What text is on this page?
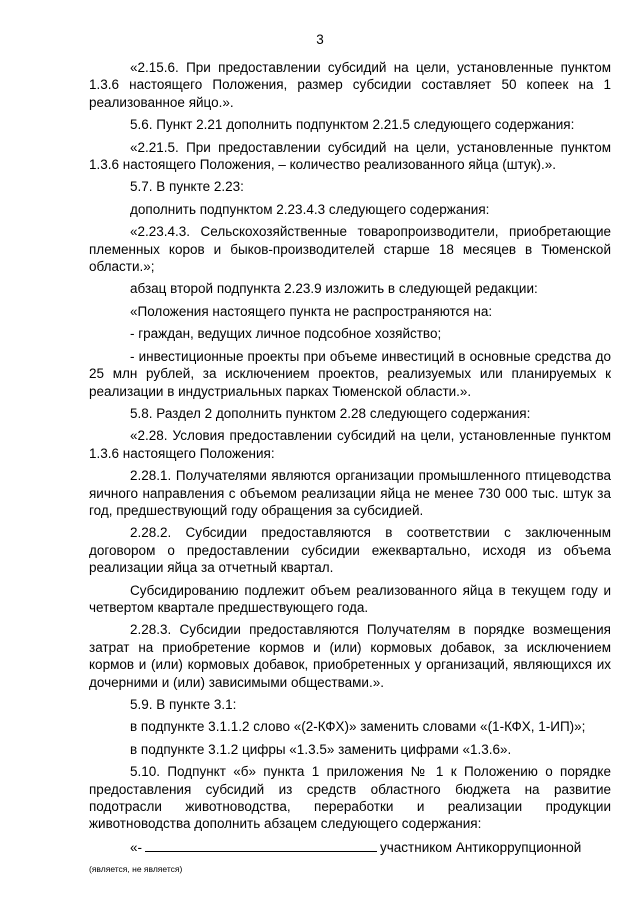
3

«2.15.6. При предоставлении субсидий на цели, установленные пунктом 1.3.6 настоящего Положения, размер субсидии составляет 50 копеек на 1 реализованное яйцо.».

5.6. Пункт 2.21 дополнить подпунктом 2.21.5 следующего содержания:

«2.21.5. При предоставлении субсидий на цели, установленные пунктом 1.3.6 настоящего Положения, – количество реализованного яйца (штук).».

5.7. В пункте 2.23:

дополнить подпунктом 2.23.4.3 следующего содержания:

«2.23.4.3. Сельскохозяйственные товаропроизводители, приобретающие племенных коров и быков-производителей старше 18 месяцев в Тюменской области.»;

абзац второй подпункта 2.23.9 изложить в следующей редакции:

«Положения настоящего пункта не распространяются на:

- граждан, ведущих личное подсобное хозяйство;

- инвестиционные проекты при объеме инвестиций в основные средства до 25 млн рублей, за исключением проектов, реализуемых или планируемых к реализации в индустриальных парках Тюменской области.».

5.8. Раздел 2 дополнить пунктом 2.28 следующего содержания:

«2.28. Условия предоставлении субсидий на цели, установленные пунктом 1.3.6 настоящего Положения:

2.28.1. Получателями являются организации промышленного птицеводства яичного направления с объемом реализации яйца не менее 730 000 тыс. штук за год, предшествующий году обращения за субсидией.

2.28.2. Субсидии предоставляются в соответствии с заключенным договором о предоставлении субсидии ежеквартально, исходя из объема реализации яйца за отчетный квартал.

Субсидированию подлежит объем реализованного яйца в текущем году и четвертом квартале предшествующего года.

2.28.3. Субсидии предоставляются Получателям в порядке возмещения затрат на приобретение кормов и (или) кормовых добавок, за исключением кормов и (или) кормовых добавок, приобретенных у организаций, являющихся их дочерними и (или) зависимыми обществами.».

5.9. В пункте 3.1:

в подпункте 3.1.1.2 слово «(2-КФХ)» заменить словами «(1-КФХ, 1-ИП)»;

в подпункте 3.1.2 цифры «1.3.5» заменить цифрами «1.3.6».

5.10. Подпункт «б» пункта 1 приложения № 1 к Положению о порядке предоставления субсидий из средств областного бюджета на развитие подотрасли животноводства, переработки и реализации продукции животноводства дополнить абзацем следующего содержания:

«-	участником Антикоррупционной

(является, не является)
